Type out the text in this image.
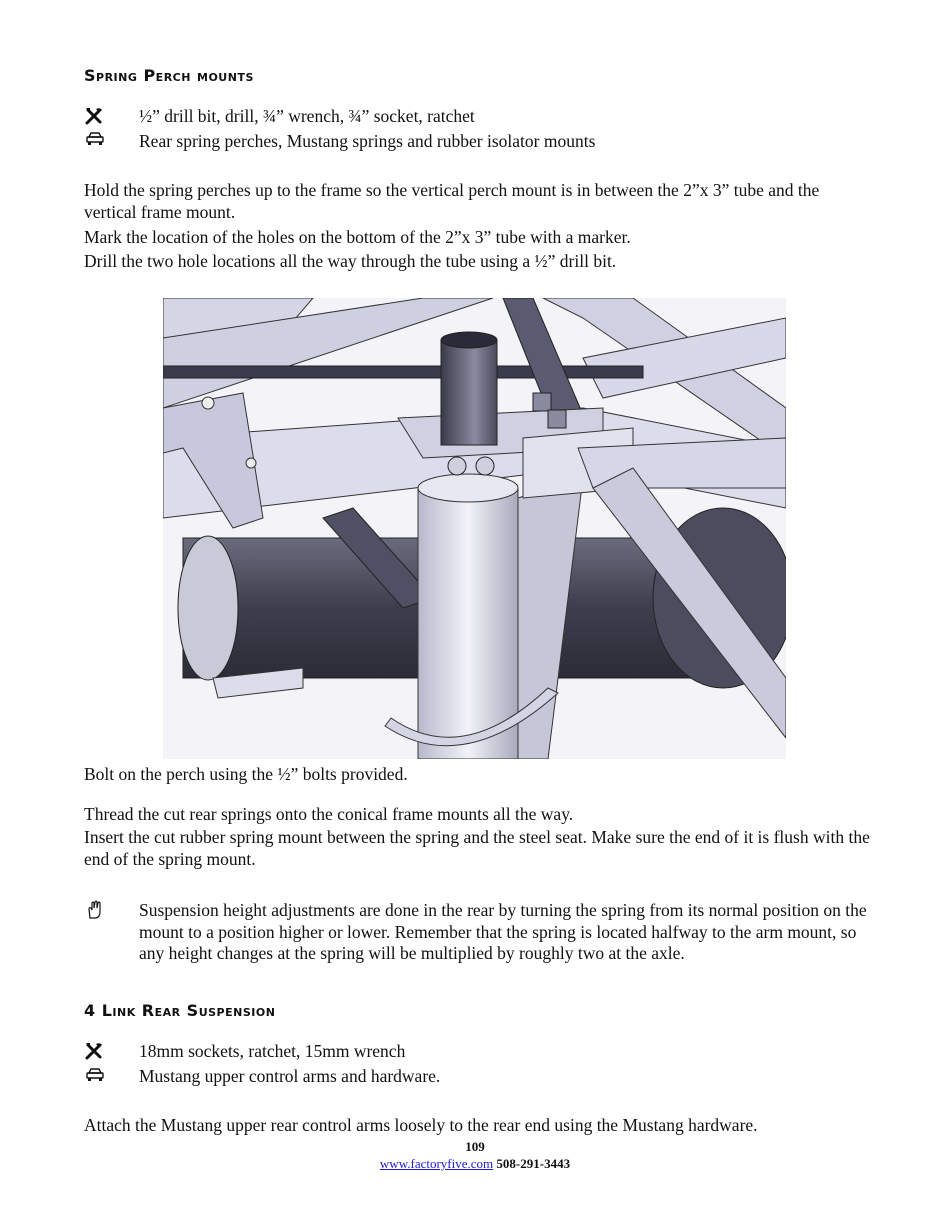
Spring Perch mounts
½” drill bit, drill, ¾” wrench, ¾” socket, ratchet
Rear spring perches, Mustang springs and rubber isolator mounts
Hold the spring perches up to the frame so the vertical perch mount is in between the 2”x 3” tube and the vertical frame mount.
Mark the location of the holes on the bottom of the 2”x 3” tube with a marker.
Drill the two hole locations all the way through the tube using a ½” drill bit.
Bolt on the perch using the ½” bolts provided.
Thread the cut rear springs onto the conical frame mounts all the way.
Insert the cut rubber spring mount between the spring and the steel seat. Make sure the end of it is flush with the end of the spring mount.
Suspension height adjustments are done in the rear by turning the spring from its normal position on the mount to a position higher or lower. Remember that the spring is located halfway to the arm mount, so any height changes at the spring will be multiplied by roughly two at the axle.
4 Link Rear Suspension
18mm sockets, ratchet, 15mm wrench
Mustang upper control arms and hardware.
Attach the Mustang upper rear control arms loosely to the rear end using the Mustang hardware.
109
www.factoryfive.com 508-291-3443
